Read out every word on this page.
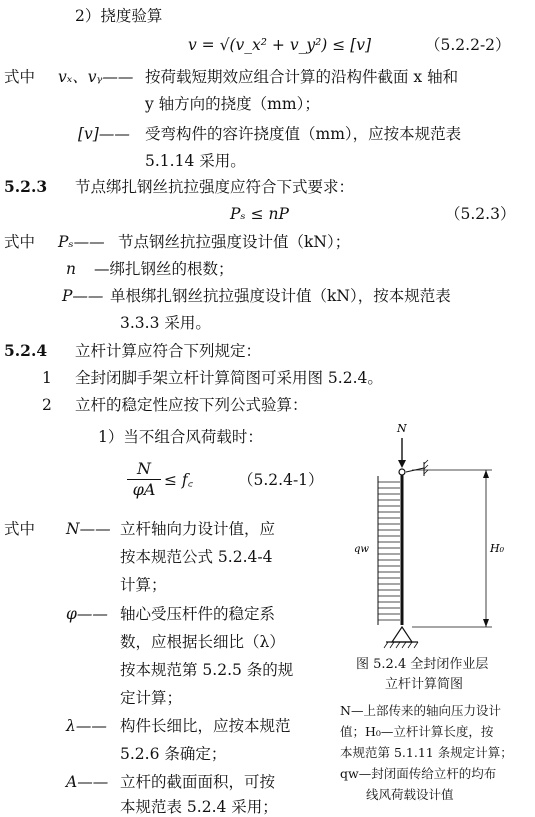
2）挠度验算
v = √(v_x² + v_y²) ≤ [v]	（5.2.2-2）
式中 vₓ、vᵧ—— 按荷载短期效应组合计算的沿构件截面 x 轴和
y 轴方向的挠度（mm）；
[v]—— 受弯构件的容许挠度值（mm），应按本规范表
5.1.14 采用。
5.2.3 节点绑扎钢丝抗拉强度应符合下式要求：
Pₛ ≤ nP	（5.2.3）
式中 Pₛ—— 节点钢丝抗拉强度设计值（kN）；
n —绑扎钢丝的根数；
P—— 单根绑扎钢丝抗拉强度设计值（kN），按本规范表
3.3.3 采用。
5.2.4 立杆计算应符合下列规定：
1 全封闭脚手架立杆计算简图可采用图 5.2.4。
2 立杆的稳定性应按下列公式验算：
1）当不组合风荷载时：
N
φA ≤ f꜀	（5.2.4-1）
式中 N—— 立杆轴向力设计值，应
按本规范公式 5.2.4-4
计算；
φ—— 轴心受压杆件的稳定系
数，应根据长细比（λ）
按本规范第 5.2.5 条的规
定计算；
λ—— 构件长细比，应按本规范
5.2.6 条确定；
A—— 立杆的截面面积，可按
本规范表 5.2.4 采用；
N
qw	H₀
图 5.2.4 全封闭作业层
立杆计算简图
N—上部传来的轴向压力设计
值；H₀—立杆计算长度，按
本规范第 5.1.11 条规定计算；
qw—封闭面传给立杆的均布
线风荷载设计值
